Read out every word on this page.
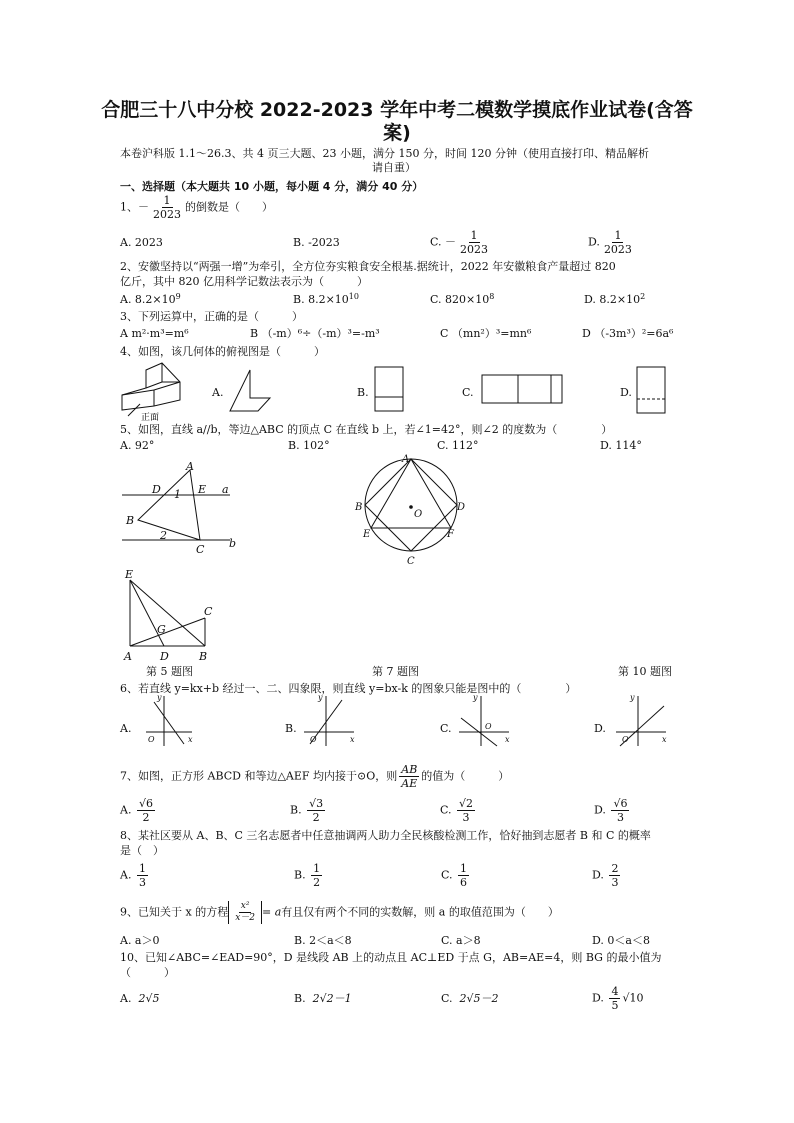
合肥三十八中分校 2022-2023 学年中考二模数学摸底作业试卷(含答
案)
本卷沪科版 1.1～26.3、共 4 页三大题、23 小题，满分 150 分，时间 120 分钟（使用直接打印、精品解析
请自重）
一、选择题（本大题共 10 小题，每小题 4 分，满分 40 分）
1、－ $\frac{1}{2023}$ 的倒数是（　　）
A. 2023	B. -2023	C. － $\frac{1}{2023}$	D. $\frac{1}{2023}$
2、安徽坚持以“两强一增”为牵引，全方位夯实粮食安全根基.据统计，2022 年安徽粮食产量超过 820
亿斤，其中 820 亿用科学记数法表示为（　　　）
A. $8.2\times 10^9$	B. $8.2\times 10^{10}$	C. $820\times 10^8$	D. $8.2\times 10^2$
3、下列运算中，正确的是（　　　）
A m²·m³=m⁶	B （-m）⁶÷（-m）³=-m³	C （mn²）³=mn⁶	D （-3m³）²=6a⁶
4、如图，该几何体的俯视图是（　　　）
正面
A.	B.	C.	D.
5、如图，直线 a//b，等边△ABC 的顶点 C 在直线 b 上，若∠1=42°，则∠2 的度数为（　　　　）
A. 92°	B. 102°	C. 112°	D. 114°
A
B
C
D	E a
b
1
2
A
B
C
D
E	F
O
A	B
C
D
E
G
第 5 题图	第 7 题图	第 10 题图
6、若直线 y=kx+b 经过一、二、四象限，则直线 y=bx-k 的图象只能是图中的（　　　　）
A.	B.	C.	D.
x
y
O	x
y
O	x
y
O
x
y
O
7、如图，正方形 ABCD 和等边△AEF 均内接于⊙O，则 $\frac{AB}{AE}$ 的值为（　　　）
A. $\frac{√6}{2}$	B. $\frac{√3}{2}$	C. $\frac{√2}{3}$	D. $\frac{√6}{3}$
8、某社区要从 A、B、C 三名志愿者中任意抽调两人助力全民核酸检测工作，恰好抽到志愿者 B 和 C 的概率
是（　）
A. $\frac{1}{3}$	B. $\frac{1}{2}$	C. $\frac{1}{6}$	D. $\frac{2}{3}$
9、已知关于 x 的方程 $\frac{\text{x²}}{x-2} = a$有且仅有两个不同的实数解，则 a 的取值范围为（　　）
A. a＞0	B. 2＜a＜8	C. a＞8	D. 0＜a＜8
10、已知∠ABC=∠EAD=90°，D 是线段 AB 上的动点且 AC⊥ED 于点 G，AB=AE=4，则 BG 的最小值为
（　　　）
A. 2√5	B. 2√2－1	C. 2√5－2	D. $\frac{4}{5} √10$
